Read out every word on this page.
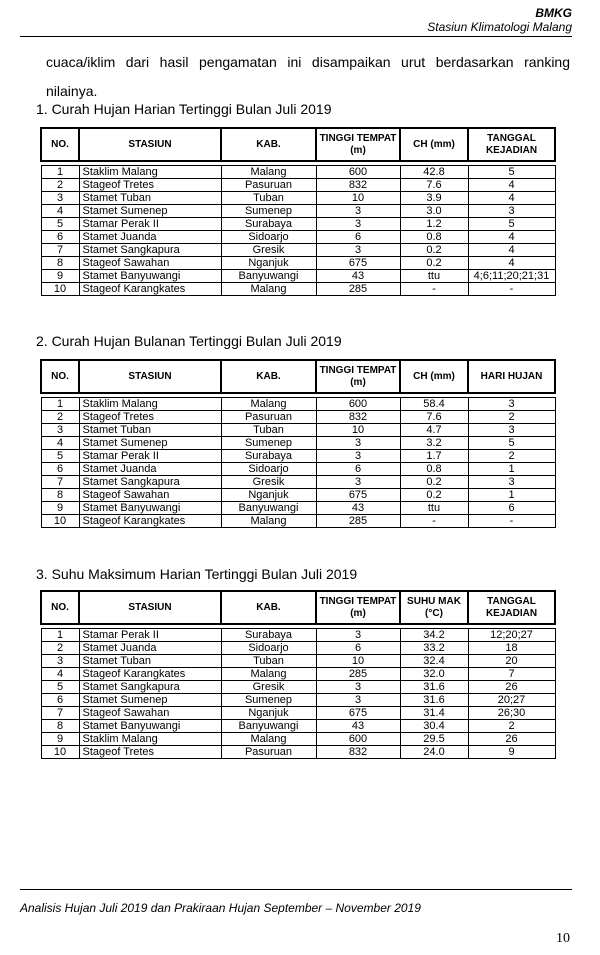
BMKG
Stasiun Klimatologi Malang
cuaca/iklim dari hasil pengamatan ini disampaikan urut berdasarkan ranking nilainya.
1. Curah Hujan Harian Tertinggi Bulan Juli 2019
NO.	STASIUN	KAB.	TINGGI TEMPAT (m)	CH (mm)	TANGGAL KEJADIAN

1	Staklim Malang	Malang	600	42.8	5
2	Stageof Tretes	Pasuruan	832	7.6	4
3	Stamet Tuban	Tuban	10	3.9	4
4	Stamet Sumenep	Sumenep	3	3.0	3
5	Stamar Perak II	Surabaya	3	1.2	5
6	Stamet Juanda	Sidoarjo	6	0.8	4
7	Stamet Sangkapura	Gresik	3	0.2	4
8	Stageof Sawahan	Nganjuk	675	0.2	4
9	Stamet Banyuwangi	Banyuwangi	43	ttu	4;6;11;20;21;31
10	Stageof Karangkates	Malang	285	-	-
2. Curah Hujan Bulanan Tertinggi Bulan Juli 2019
NO.	STASIUN	KAB.	TINGGI TEMPAT (m)	CH (mm)	HARI HUJAN

1	Staklim Malang	Malang	600	58.4	3
2	Stageof Tretes	Pasuruan	832	7.6	2
3	Stamet Tuban	Tuban	10	4.7	3
4	Stamet Sumenep	Sumenep	3	3.2	5
5	Stamar Perak II	Surabaya	3	1.7	2
6	Stamet Juanda	Sidoarjo	6	0.8	1
7	Stamet Sangkapura	Gresik	3	0.2	3
8	Stageof Sawahan	Nganjuk	675	0.2	1
9	Stamet Banyuwangi	Banyuwangi	43	ttu	6
10	Stageof Karangkates	Malang	285	-	-
3. Suhu Maksimum Harian Tertinggi Bulan Juli 2019
NO.	STASIUN	KAB.	TINGGI TEMPAT (m)	SUHU MAK (°C)	TANGGAL KEJADIAN

1	Stamar Perak II	Surabaya	3	34.2	12;20;27
2	Stamet Juanda	Sidoarjo	6	33.2	18
3	Stamet Tuban	Tuban	10	32.4	20
4	Stageof Karangkates	Malang	285	32.0	7
5	Stamet Sangkapura	Gresik	3	31.6	26
6	Stamet Sumenep	Sumenep	3	31.6	20;27
7	Stageof Sawahan	Nganjuk	675	31.4	26;30
8	Stamet Banyuwangi	Banyuwangi	43	30.4	2
9	Staklim Malang	Malang	600	29.5	26
10	Stageof Tretes	Pasuruan	832	24.0	9
Analisis Hujan Juli 2019 dan Prakiraan Hujan September – November 2019
10
